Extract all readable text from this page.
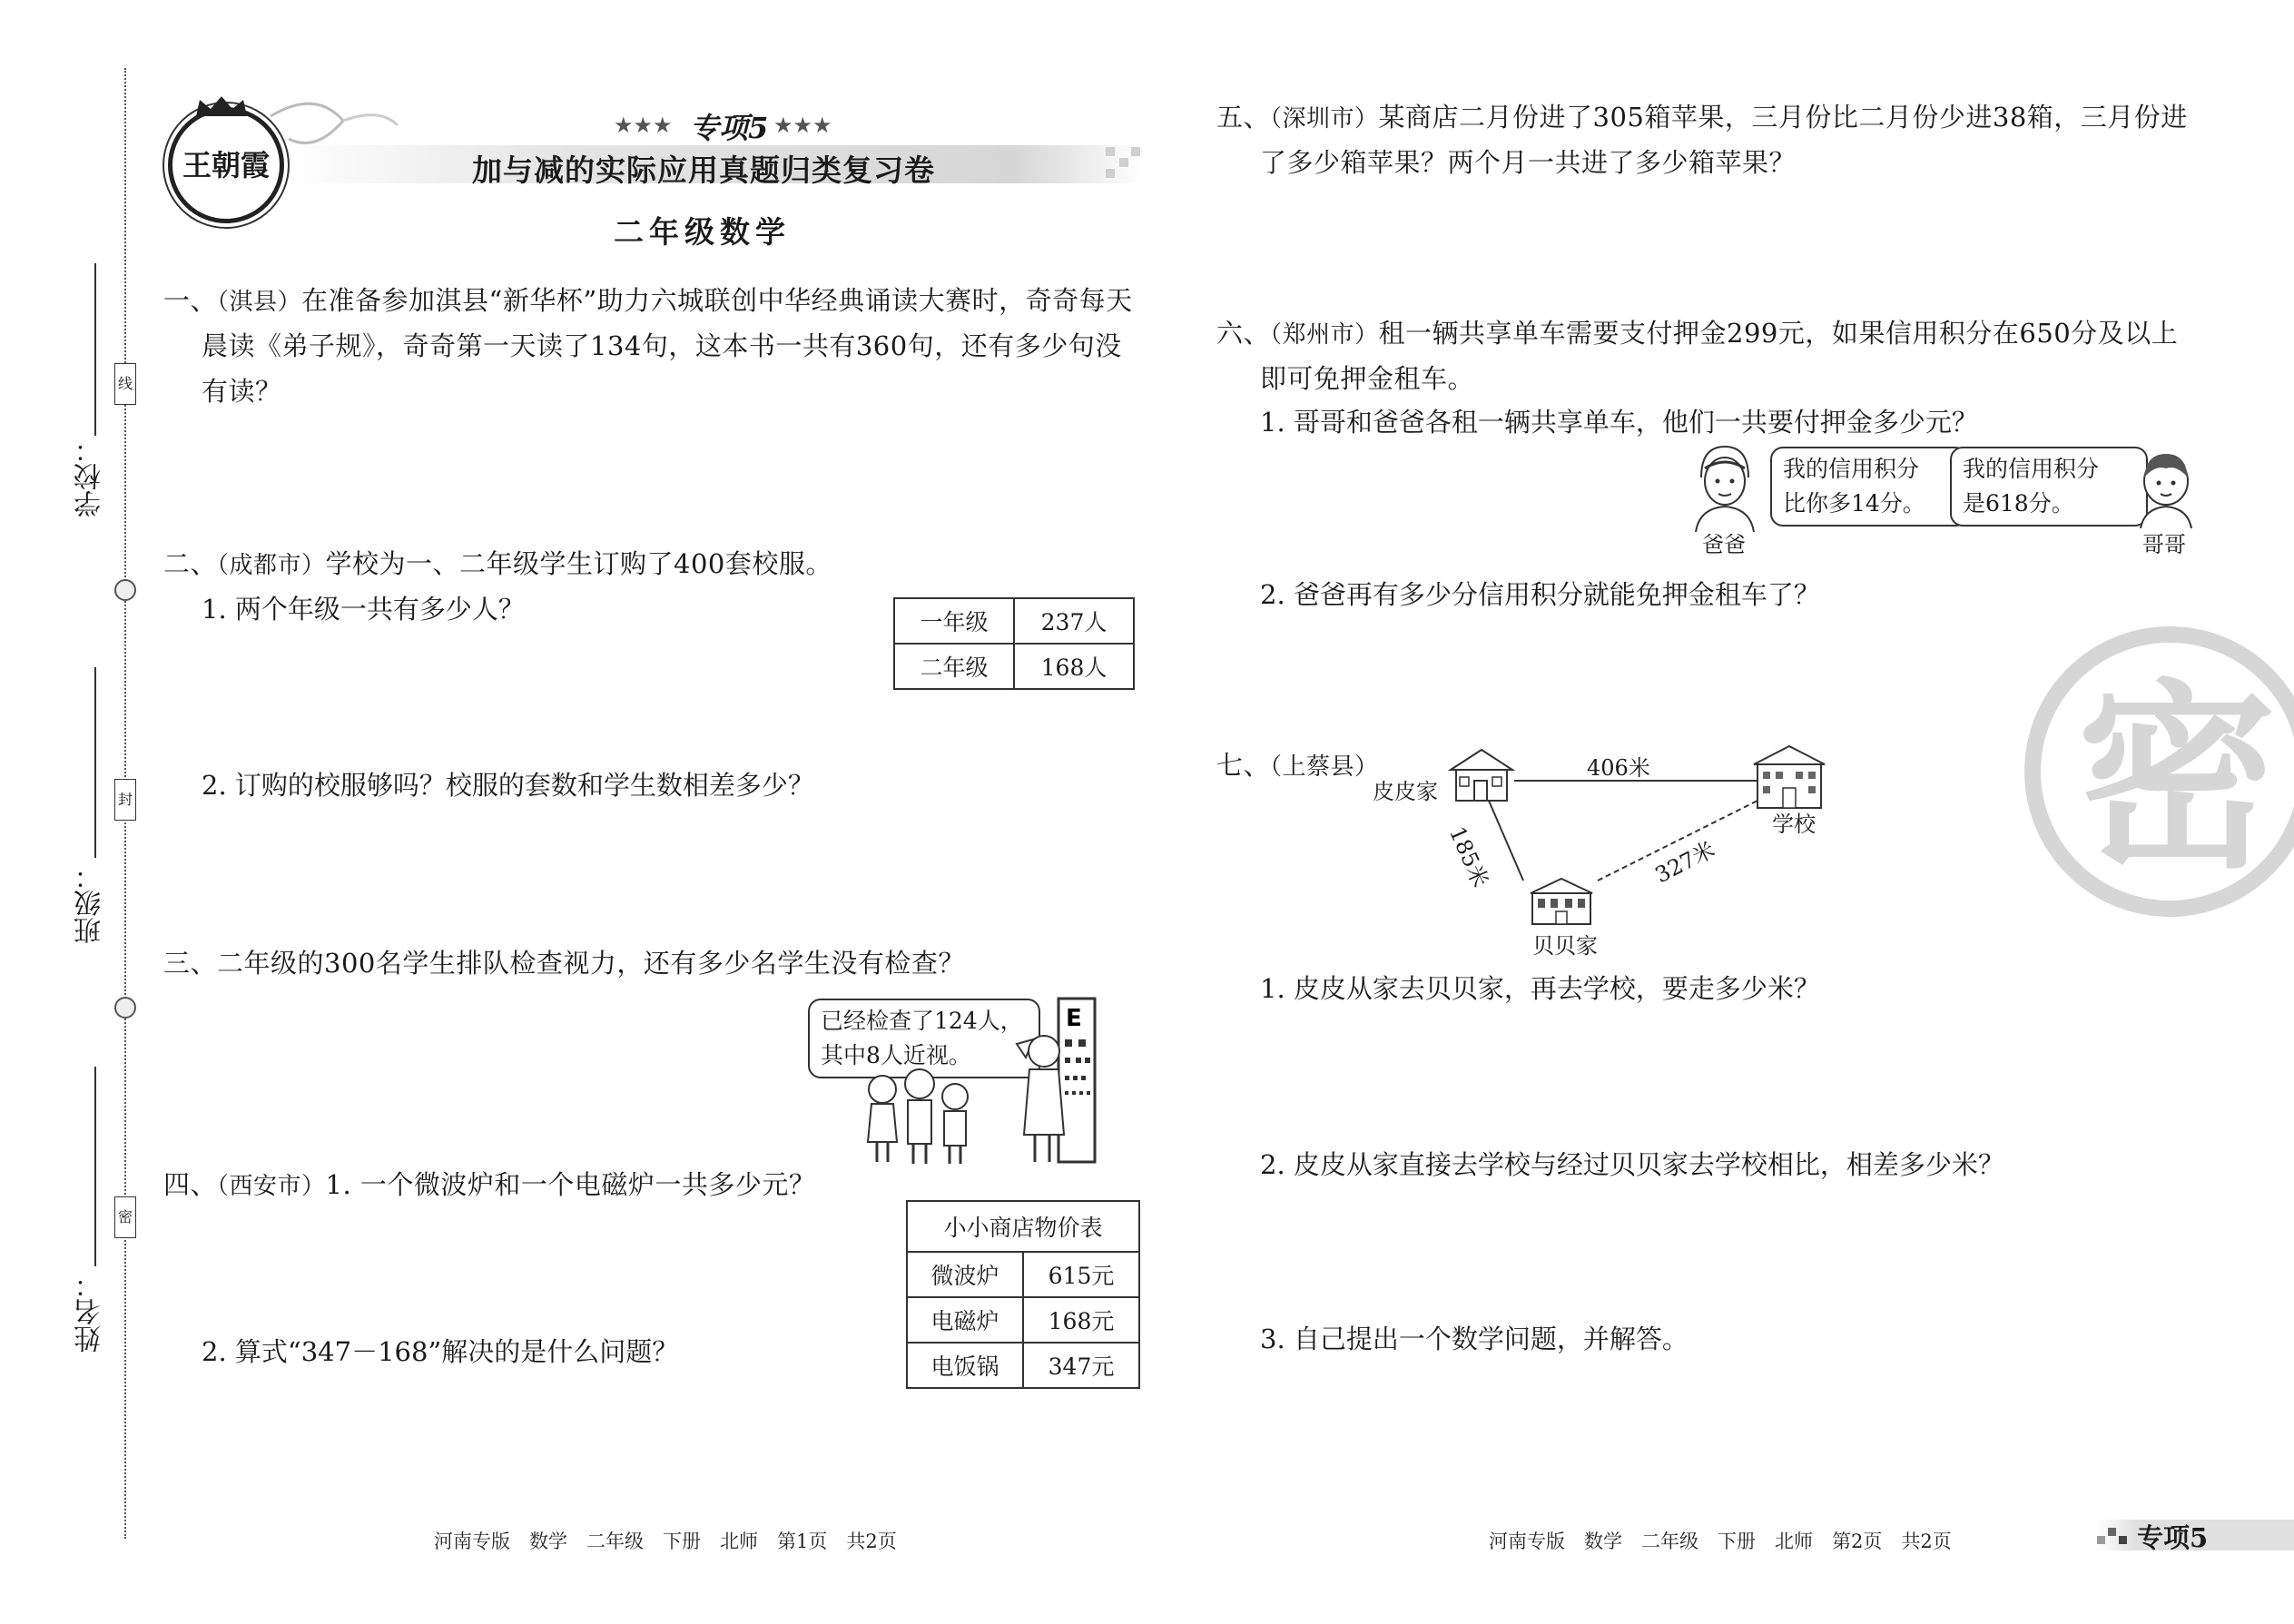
学校：
班级：
姓名：
线
封
密
王朝霞
★★★ 专项5 ★★★
加与减的实际应用真题归类复习卷
二年级数学
一、（淇县）在准备参加淇县“新华杯”助力六城联创中华经典诵读大赛时，奇奇每天
晨读《弟子规》，奇奇第一天读了134句，这本书一共有360句，还有多少句没
有读？
二、（成都市）学校为一、二年级学生订购了400套校服。
1. 两个年级一共有多少人？	一年级	237人
二年级	168人
2. 订购的校服够吗？校服的套数和学生数相差多少？
三、二年级的300名学生排队检查视力，还有多少名学生没有检查？
已经检查了124人，
其中8人近视。
E
四、（西安市）1. 一个微波炉和一个电磁炉一共多少元？
小小商店物价表	
微波炉	615元
电磁炉	168元
电饭锅	347元
2. 算式“347－168”解决的是什么问题？
五、（深圳市）某商店二月份进了305箱苹果，三月份比二月份少进38箱，三月份进
了多少箱苹果？两个月一共进了多少箱苹果？
六、（郑州市）租一辆共享单车需要支付押金299元，如果信用积分在650分及以上
即可免押金租车。
1. 哥哥和爸爸各租一辆共享单车，他们一共要付押金多少元？
爸爸
我的信用积分
比你多14分。
我的信用积分
是618分。
哥哥
2. 爸爸再有多少分信用积分就能免押金租车了？
七、（上蔡县）
皮皮家
学校
贝贝家
406米
185米	327米
1. 皮皮从家去贝贝家，再去学校，要走多少米？
2. 皮皮从家直接去学校与经过贝贝家去学校相比，相差多少米？
3. 自己提出一个数学问题，并解答。
密
河南专版　数学　二年级　下册　北师　第1页　共2页	河南专版　数学　二年级　下册　北师　第2页　共2页	专项5
